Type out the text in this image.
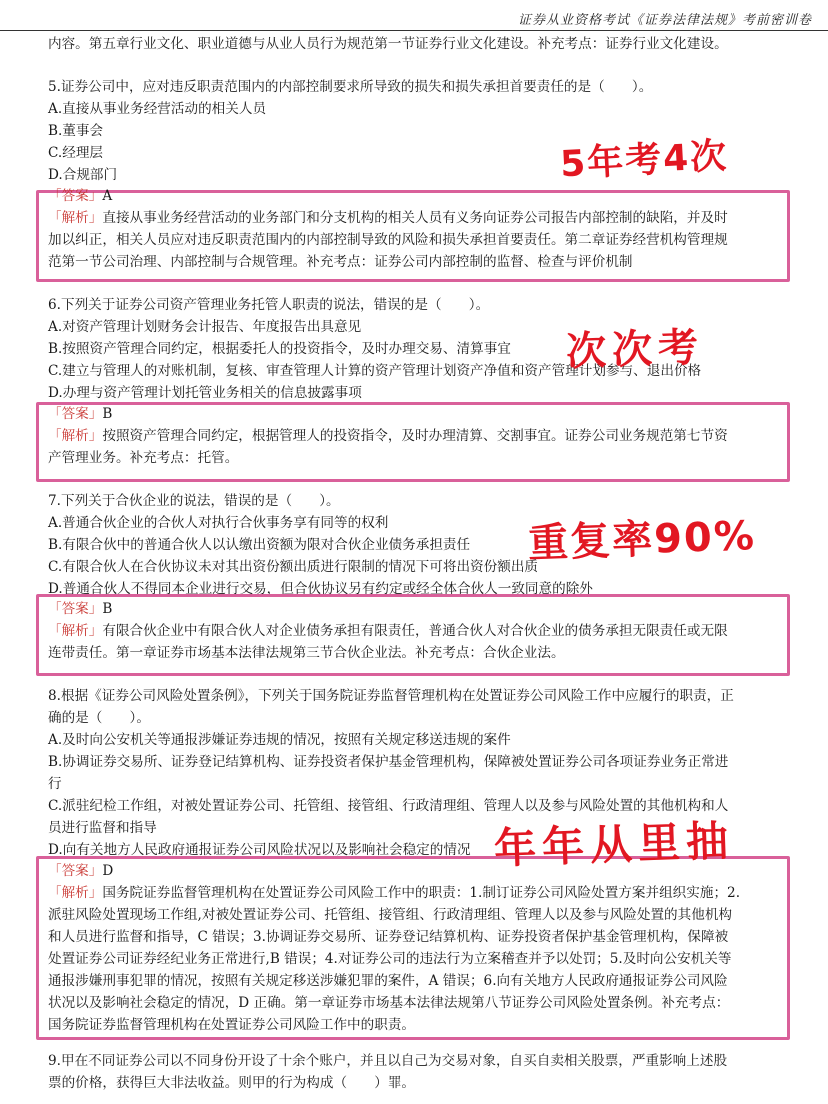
证券从业资格考试《证券法律法规》考前密训卷
内容。第五章行业文化、职业道德与从业人员行为规范第一节证券行业文化建设。补充考点：证券行业文化建设。
5.证券公司中，应对违反职责范围内的内部控制要求所导致的损失和损失承担首要责任的是（　　）。
A.直接从事业务经营活动的相关人员
B.董事会
C.经理层
D.合规部门
「答案」A
「解析」直接从事业务经营活动的业务部门和分支机构的相关人员有义务向证券公司报告内部控制的缺陷，并及时
加以纠正，相关人员应对违反职责范围内的内部控制导致的风险和损失承担首要责任。第二章证券经营机构管理规
范第一节公司治理、内部控制与合规管理。补充考点：证券公司内部控制的监督、检查与评价机制
6.下列关于证券公司资产管理业务托管人职责的说法，错误的是（　　）。
A.对资产管理计划财务会计报告、年度报告出具意见
B.按照资产管理合同约定，根据委托人的投资指令，及时办理交易、清算事宜
C.建立与管理人的对账机制，复核、审查管理人计算的资产管理计划资产净值和资产管理计划参与、退出价格
D.办理与资产管理计划托管业务相关的信息披露事项
「答案」B
「解析」按照资产管理合同约定，根据管理人的投资指令，及时办理清算、交割事宜。证券公司业务规范第七节资
产管理业务。补充考点：托管。
7.下列关于合伙企业的说法，错误的是（　　）。
A.普通合伙企业的合伙人对执行合伙事务享有同等的权利
B.有限合伙中的普通合伙人以认缴出资额为限对合伙企业债务承担责任
C.有限合伙人在合伙协议未对其出资份额出质进行限制的情况下可将出资份额出质
D.普通合伙人不得同本企业进行交易，但合伙协议另有约定或经全体合伙人一致同意的除外
「答案」B
「解析」有限合伙企业中有限合伙人对企业债务承担有限责任，普通合伙人对合伙企业的债务承担无限责任或无限
连带责任。第一章证券市场基本法律法规第三节合伙企业法。补充考点：合伙企业法。
8.根据《证券公司风险处置条例》，下列关于国务院证券监督管理机构在处置证券公司风险工作中应履行的职责，正
确的是（　　）。
A.及时向公安机关等通报涉嫌证券违规的情况，按照有关规定移送违规的案件
B.协调证券交易所、证券登记结算机构、证券投资者保护基金管理机构，保障被处置证券公司各项证券业务正常进
行
C.派驻纪检工作组，对被处置证券公司、托管组、接管组、行政清理组、管理人以及参与风险处置的其他机构和人
员进行监督和指导
D.向有关地方人民政府通报证券公司风险状况以及影响社会稳定的情况
「答案」D
「解析」国务院证券监督管理机构在处置证券公司风险工作中的职责：1.制订证券公司风险处置方案并组织实施；2.
派驻风险处置现场工作组,对被处置证券公司、托管组、接管组、行政清理组、管理人以及参与风险处置的其他机构
和人员进行监督和指导，C 错误；3.协调证券交易所、证券登记结算机构、证券投资者保护基金管理机构，保障被
处置证券公司证券经纪业务正常进行,B 错误；4.对证券公司的违法行为立案稽查并予以处罚；5.及时向公安机关等
通报涉嫌刑事犯罪的情况，按照有关规定移送涉嫌犯罪的案件，A 错误；6.向有关地方人民政府通报证券公司风险
状况以及影响社会稳定的情况，D 正确。第一章证券市场基本法律法规第八节证券公司风险处置条例。补充考点：
国务院证券监督管理机构在处置证券公司风险工作中的职责。
9.甲在不同证券公司以不同身份开设了十余个账户，并且以自己为交易对象，自买自卖相关股票，严重影响上述股
票的价格，获得巨大非法收益。则甲的行为构成（　　）罪。
5年考4次
次次考
重复率90%
年年从里抽
